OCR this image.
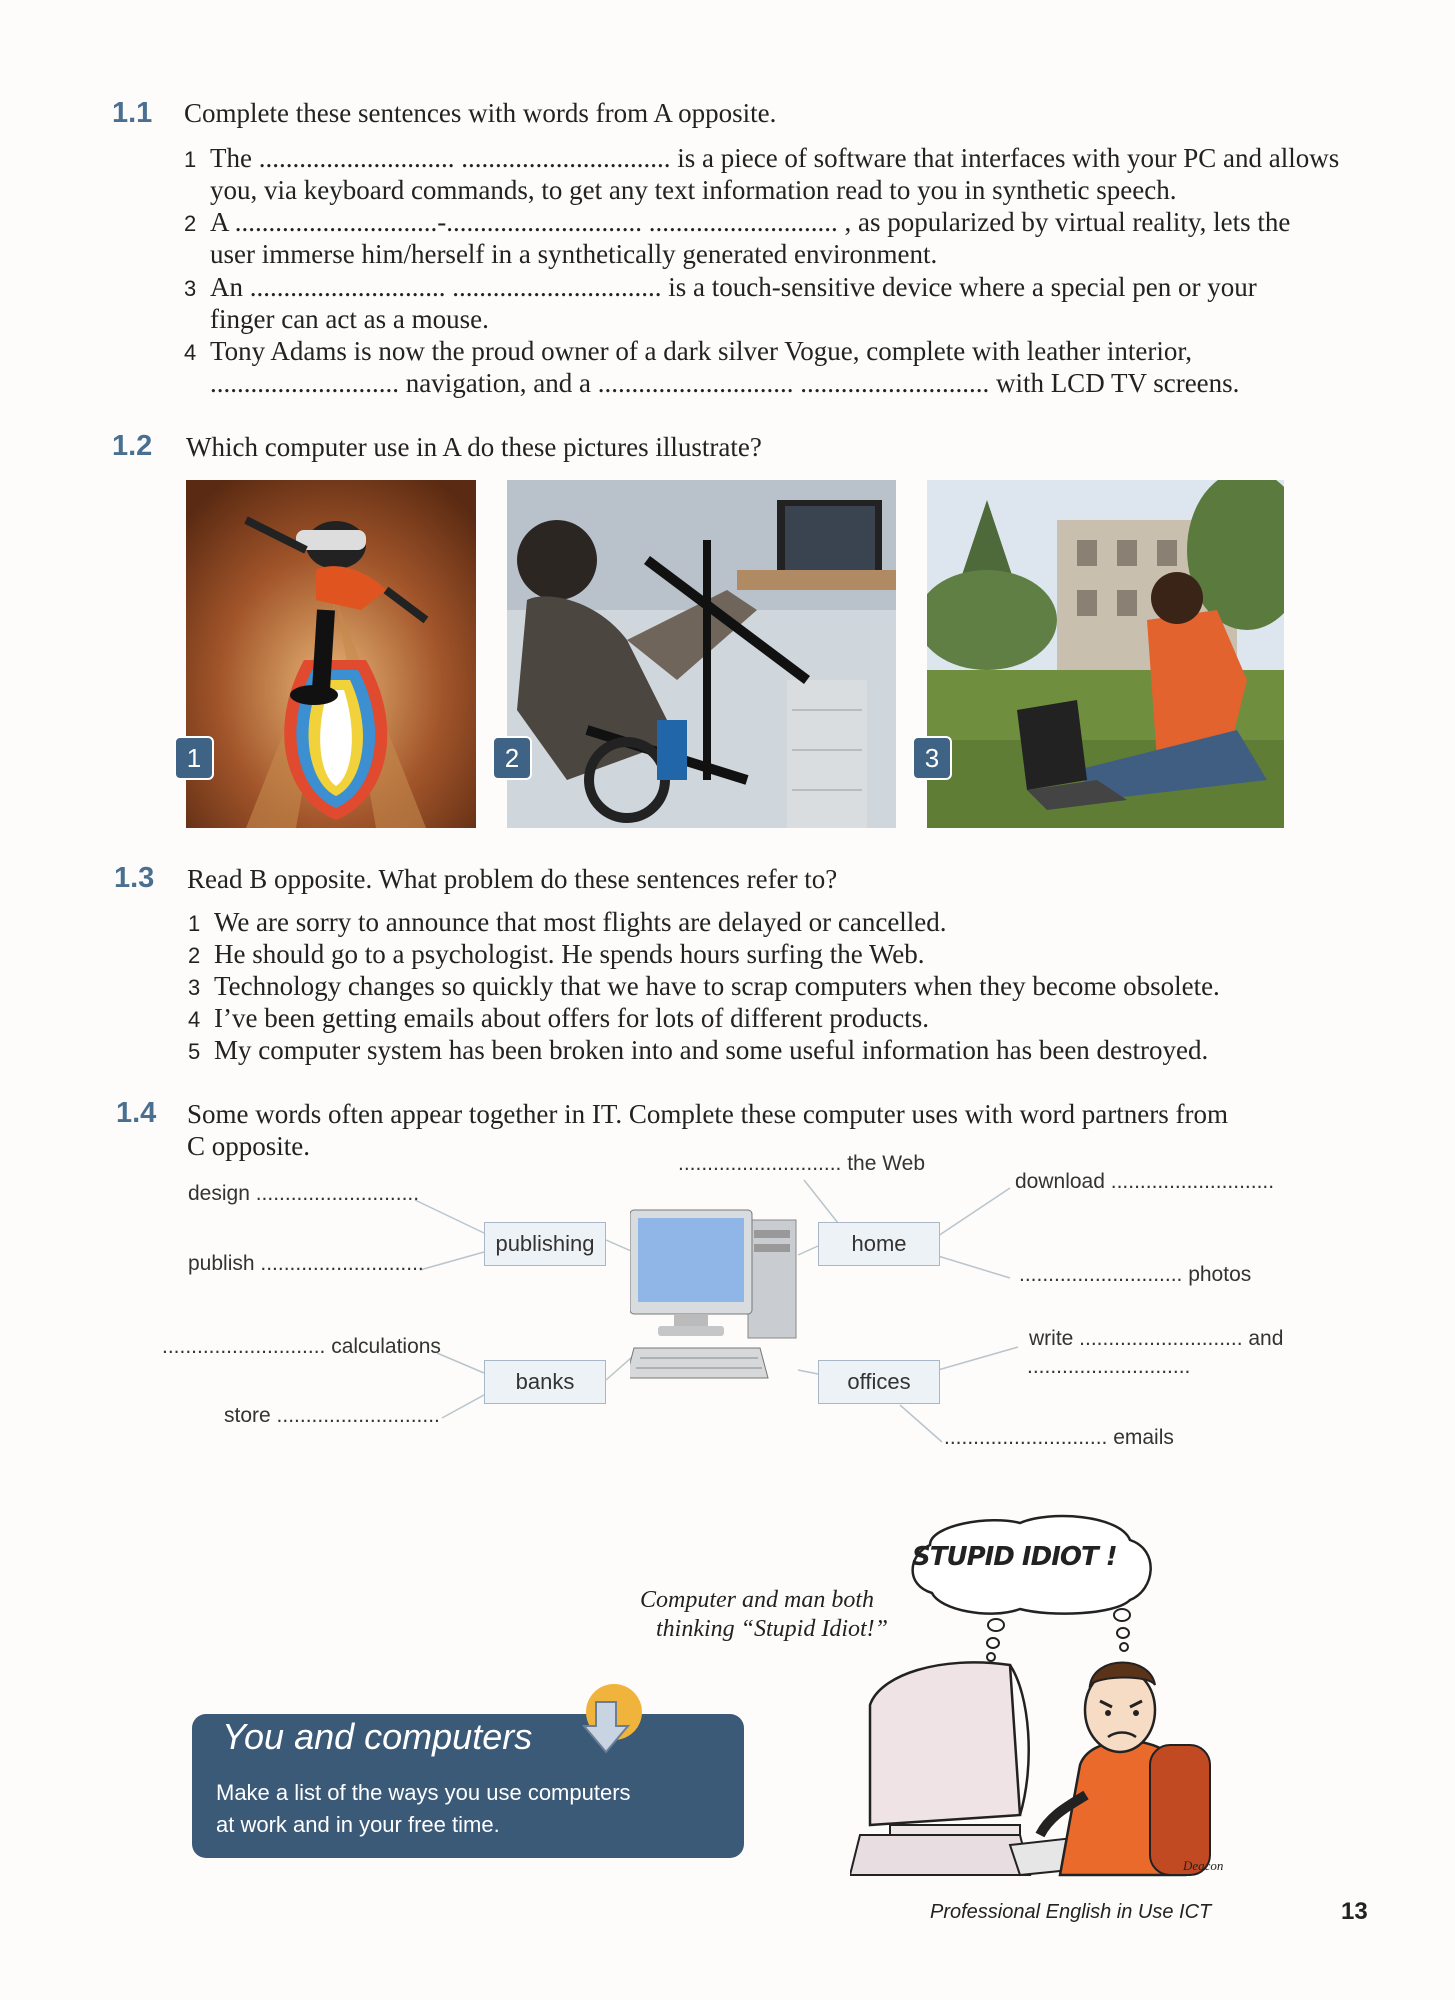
1.1 Complete these sentences with words from A opposite.
1 The ............................. ............................... is a piece of software that interfaces with your PC and allows
you, via keyboard commands, to get any text information read to you in synthetic speech.
2 A ..............................-............................. ............................ , as popularized by virtual reality, lets the
user immerse him/herself in a synthetically generated environment.
3 An ............................. ............................... is a touch-sensitive device where a special pen or your
finger can act as a mouse.
4 Tony Adams is now the proud owner of a dark silver Vogue, complete with leather interior,
............................ navigation, and a ............................. ............................ with LCD TV screens.
1.2 Which computer use in A do these pictures illustrate?
1	2	3
1.3 Read B opposite. What problem do these sentences refer to?
1 We are sorry to announce that most flights are delayed or cancelled.
2 He should go to a psychologist. He spends hours surfing the Web.
3 Technology changes so quickly that we have to scrap computers when they become obsolete.
4 I’ve been getting emails about offers for lots of different products.
5 My computer system has been broken into and some useful information has been destroyed.
1.4 Some words often appear together in IT. Complete these computer uses with word partners from
C opposite.
............................ the Web
design ............................
publish ............................
............................ calculations
store ............................
download ............................
............................ photos
write ............................ and
............................
............................ emails
publishing	home
banks	offices
Computer and man both
thinking “Stupid Idiot!”
STUPID IDIOT !
Deacon
You and computers
Make a list of the ways you use computers
at work and in your free time.
Professional English in Use ICT	13
